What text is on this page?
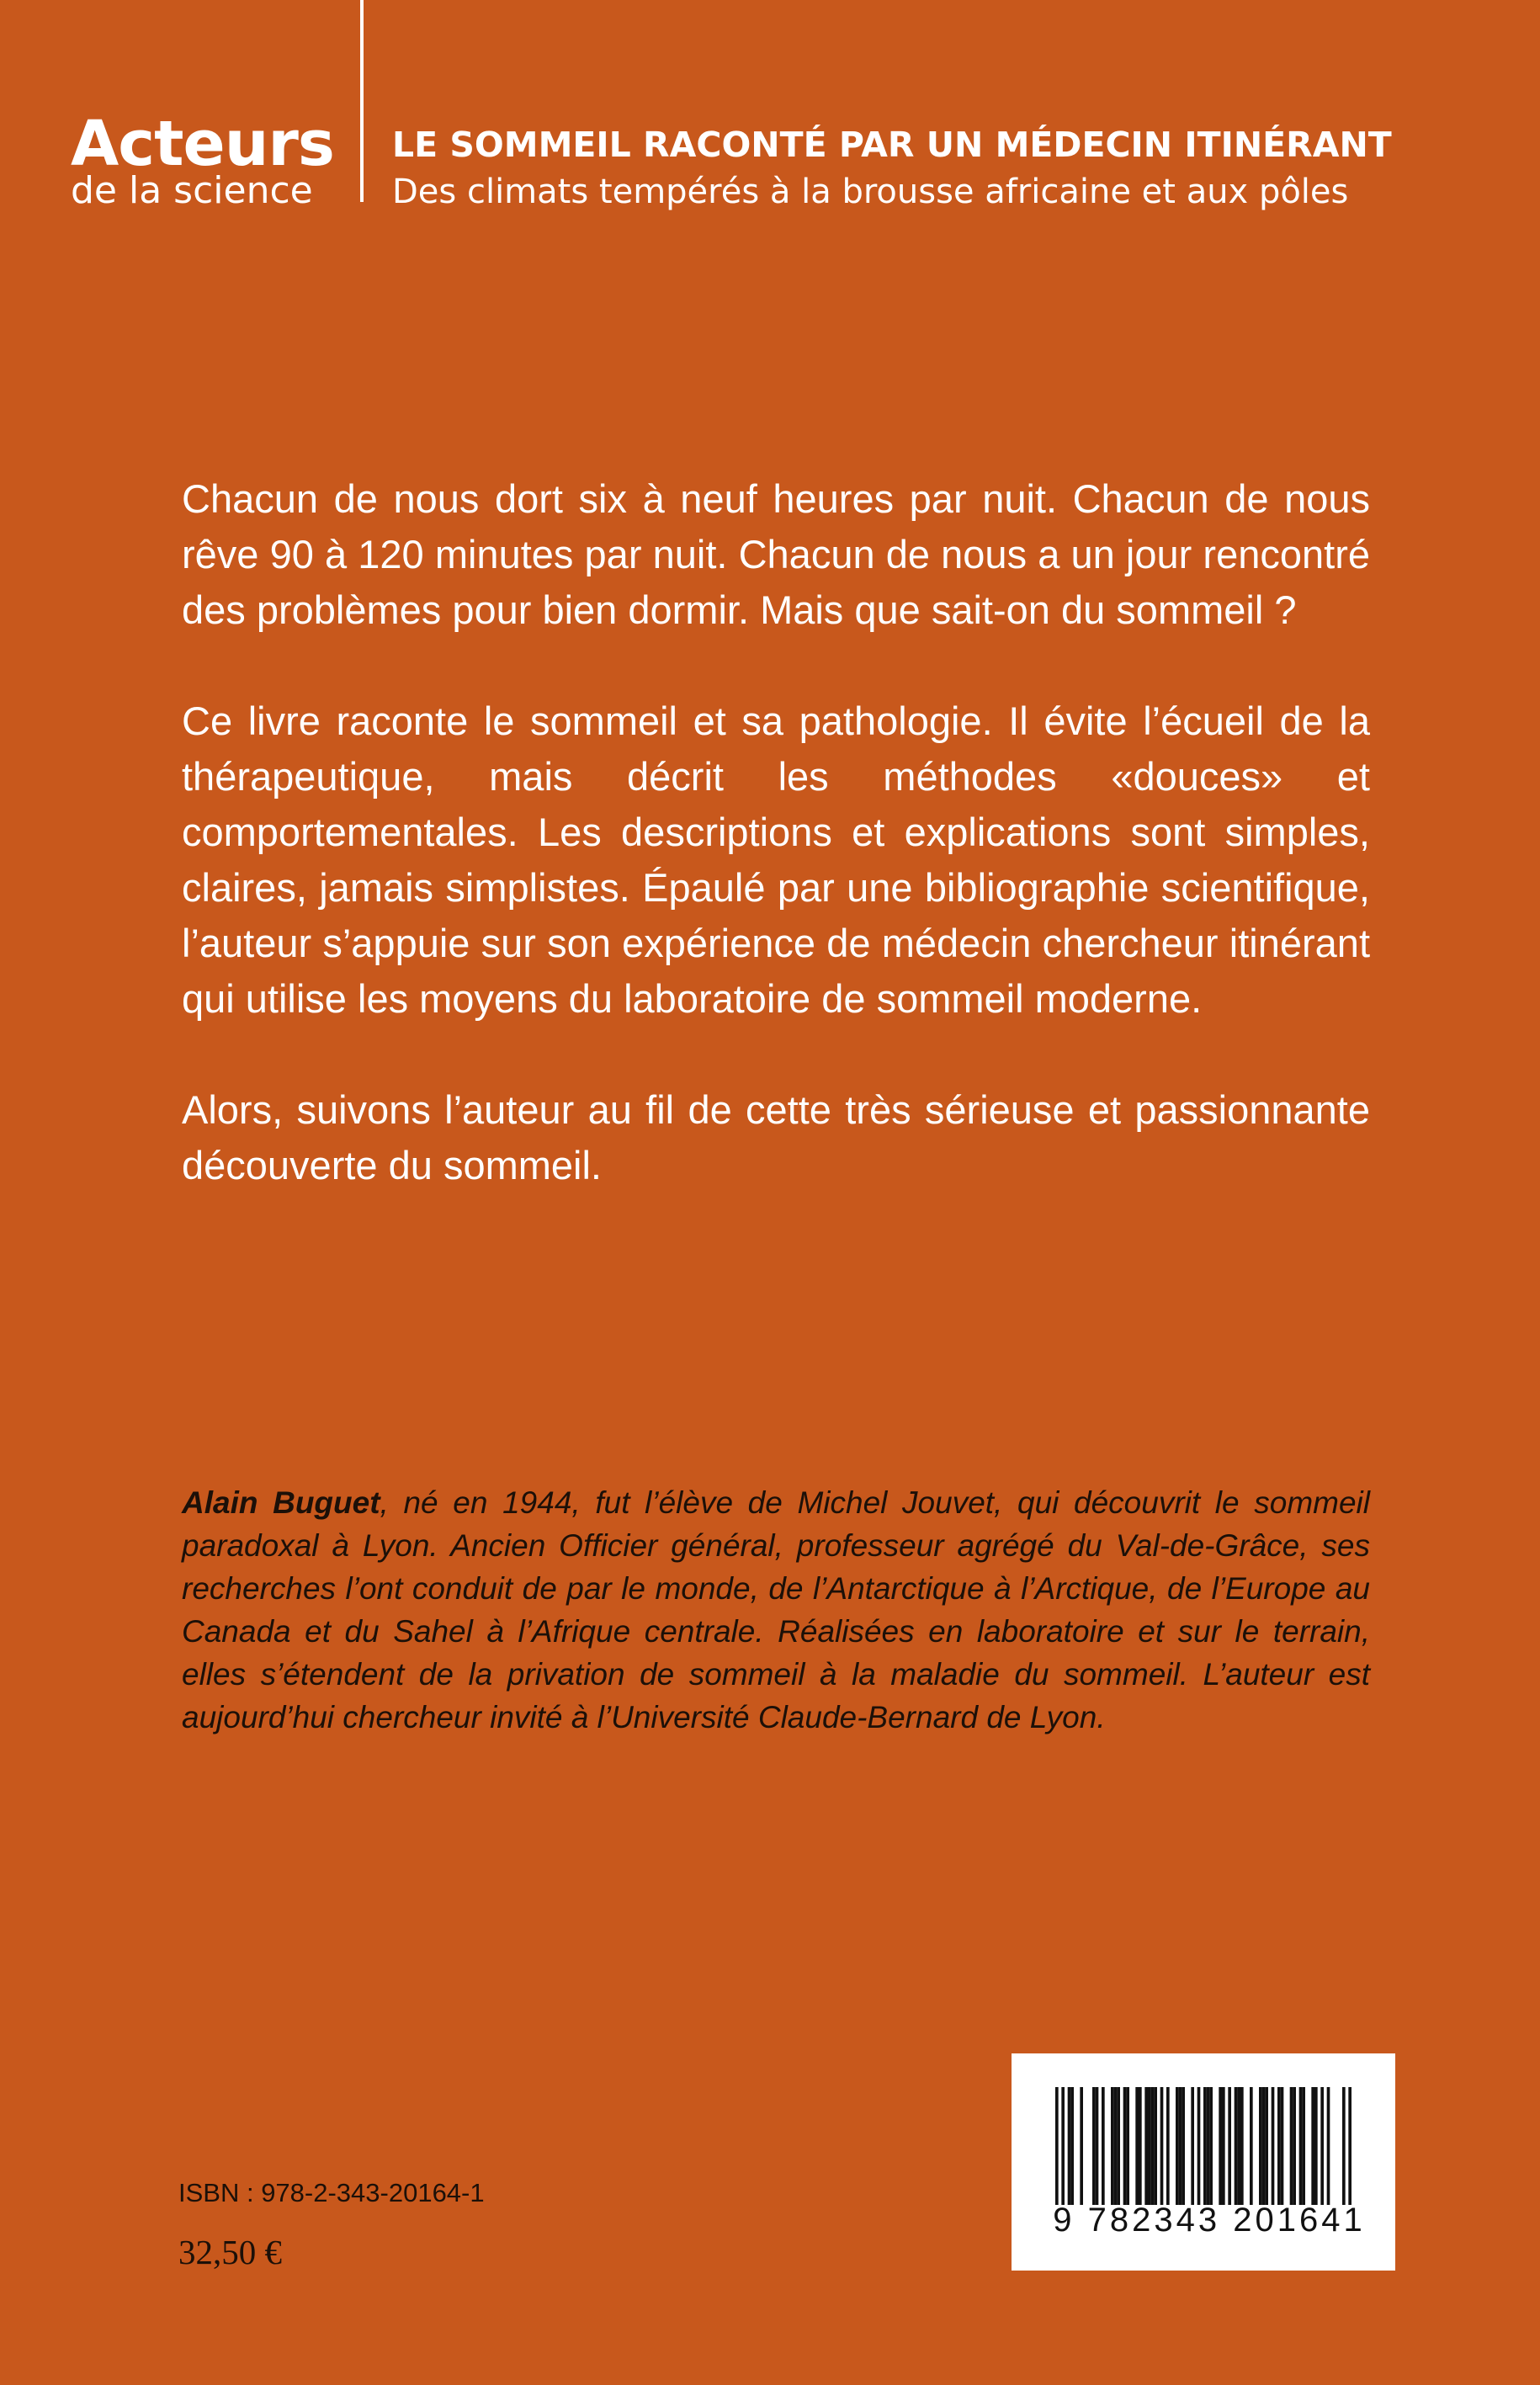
Acteurs
de la science
LE SOMMEIL RACONTÉ PAR UN MÉDECIN ITINÉRANT
Des climats tempérés à la brousse africaine et aux pôles

Chacun de nous dort six à neuf heures par nuit. Chacun de nous rêve 90 à 120 minutes par nuit. Chacun de nous a un jour rencontré des problèmes pour bien dormir. Mais que sait-on du sommeil ?

Ce livre raconte le sommeil et sa pathologie. Il évite l’écueil de la thérapeutique, mais décrit les méthodes «douces» et comportementales. Les descriptions et explications sont simples, claires, jamais simplistes. Épaulé par une bibliographie scientifique, l’auteur s’appuie sur son expérience de médecin chercheur itinérant qui utilise les moyens du laboratoire de sommeil moderne.

Alors, suivons l’auteur au fil de cette très sérieuse et passionnante découverte du sommeil.

Alain Buguet, né en 1944, fut l’élève de Michel Jouvet, qui découvrit le sommeil paradoxal à Lyon. Ancien Officier général, professeur agrégé du Val-de-Grâce, ses recherches l’ont conduit de par le monde, de l’Antarctique à l’Arctique, de l’Europe au Canada et du Sahel à l’Afrique centrale. Réalisées en laboratoire et sur le terrain, elles s’étendent de la privation de sommeil à la maladie du sommeil. L’auteur est aujourd’hui chercheur invité à l’Université Claude-Bernard de Lyon.
ISBN : 978-2-343-20164-1
32,50 €
9 782343 201641
